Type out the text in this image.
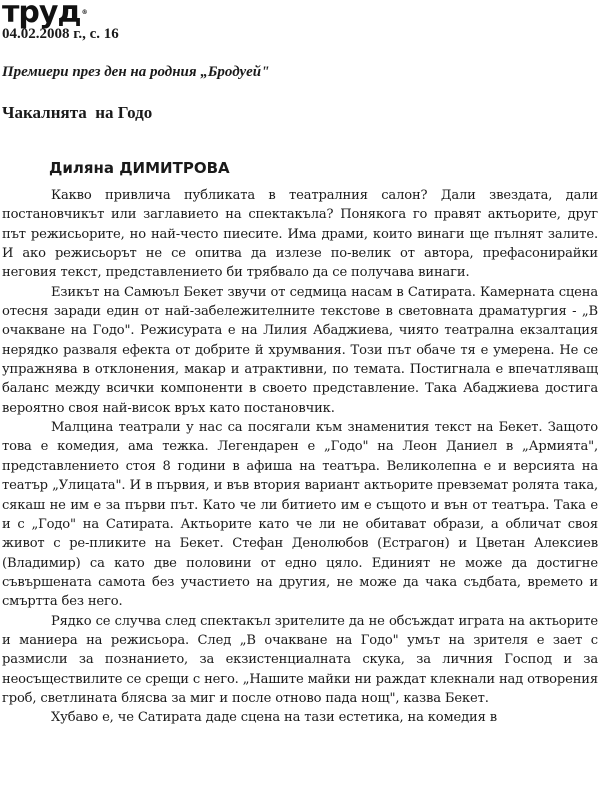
труд®
04.02.2008 г., с. 16
Премиери през ден на родния „Бродуей"
Чакалнята  на Годо
Диляна ДИМИТРОВА

Какво привлича публиката в театралния салон? Дали звездата, дали постановчикът или заглавието на спектакъла? Понякога го правят актьорите, друг път режисьорите, но най-често пиесите. Има драми, които винаги ще пълнят залите. И ако режисьорът не се опитва да излезе по-велик от автора, префасонирайки неговия текст, представлението би трябвало да се получава винаги.

Езикът на Самюъл Бекет звучи от седмица насам в Сатирата. Камерната сцена отесня заради един от най-забележителните текстове в световната драматургия - „В очакване на Годо". Режисурата е на Лилия Абаджиева, чиято театрална екзалтация нерядко разваля ефекта от добрите й хрумвания. Този път обаче тя е умерена. Не се упражнява в отклонения, макар и атрактивни, по темата. Постигнала е впечатляващ баланс между всички компоненти в своето представление. Така Абаджиева достига вероятно своя най-висок връх като постановчик.

Малцина театрали у нас са посягали към знаменития текст на Бекет. Защото това е комедия, ама тежка. Легендарен е „Годо" на Леон Даниел в „Армията", представлението стоя 8 години в афиша на театъра. Великолепна е и версията на театър „Улицата". И в първия, и във втория вариант актьорите превземат ролята така, сякаш не им е за първи път. Като че ли битието им е същото и вън от театъра. Така е и с „Годо" на Сатирата. Актьорите като че ли не обитават образи, а обличат своя живот с ре-пликите на Бекет. Стефан Денолюбов (Естрагон) и Цветан Алексиев (Владимир) са като две половини от едно цяло. Единият не може да достигне съвършената самота без участието на другия, не може да чака съдбата, времето и смъртта без него.

Рядко се случва след спектакъл зрителите да не обсъждат играта на актьорите и маниера на режисьора. След „В очакване на Годо" умът на зрителя е зает с размисли за познанието, за екзистенциалната скука, за личния Господ и за неосъществилите се срещи с него. „Нашите майки ни раждат клекнали над отворения гроб, светлината блясва за миг и после отново пада нощ", казва Бекет.

Хубаво е, че Сатирата даде сцена на тази естетика, на комедия в
